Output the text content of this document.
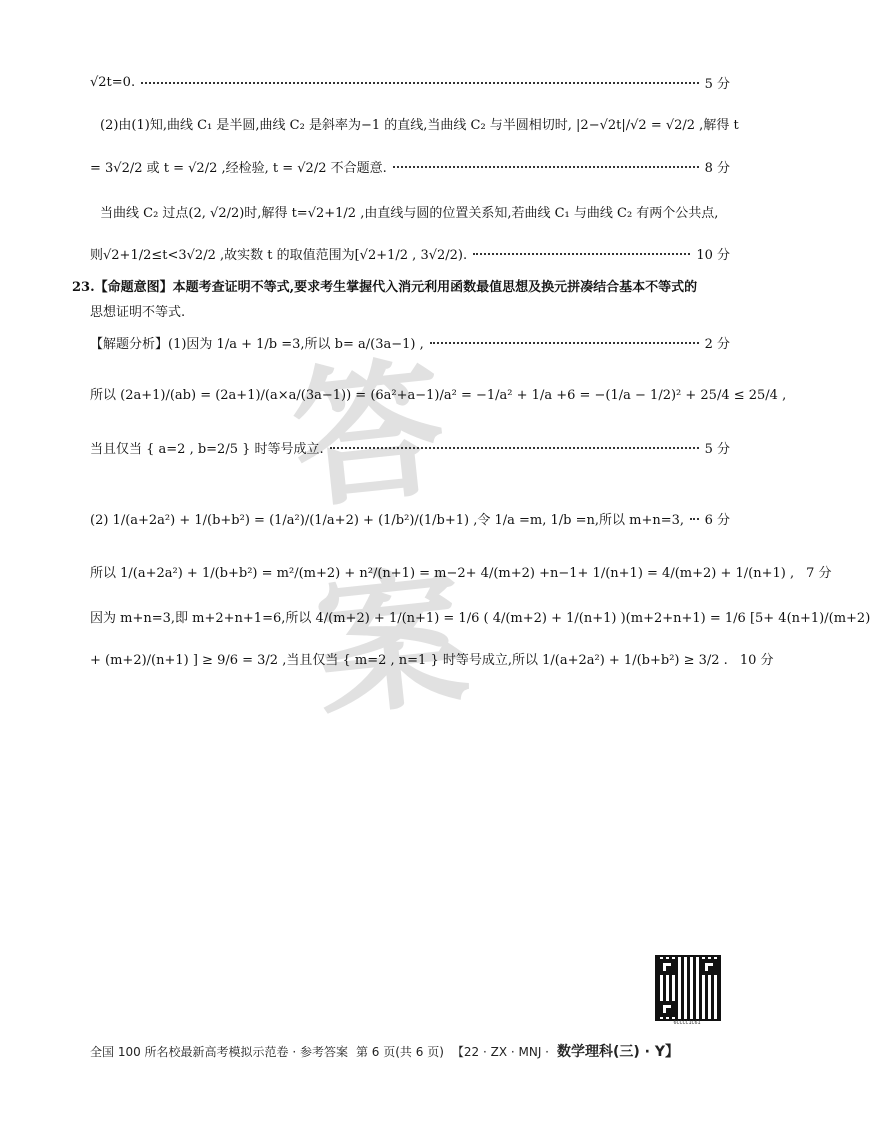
答
案
√2t=0.	5 分
(2)由(1)知,曲线 C₁ 是半圆,曲线 C₂ 是斜率为−1 的直线,当曲线 C₂ 与半圆相切时, |2−√2t|/√2 = √2/2 ,解得 t
= 3√2/2 或 t = √2/2 ,经检验, t = √2/2 不合题意.	8 分
当曲线 C₂ 过点(2, √2/2)时,解得 t=√2+1/2 ,由直线与圆的位置关系知,若曲线 C₁ 与曲线 C₂ 有两个公共点,
则√2+1/2≤t<3√2/2 ,故实数 t 的取值范围为[√2+1/2 , 3√2/2).	10 分
23.【命题意图】本题考查证明不等式,要求考生掌握代入消元利用函数最值思想及换元拼凑结合基本不等式的
思想证明不等式.
【解题分析】(1)因为 1/a + 1/b =3,所以 b= a/(3a−1) ,	2 分
所以 (2a+1)/(ab) = (2a+1)/(a×a/(3a−1)) = (6a²+a−1)/a² = −1/a² + 1/a +6 = −(1/a − 1/2)² + 25/4 ≤ 25/4 ,
当且仅当 { a=2 , b=2/5 } 时等号成立.	5 分
(2) 1/(a+2a²) + 1/(b+b²) = (1/a²)/(1/a+2) + (1/b²)/(1/b+1) ,令 1/a =m, 1/b =n,所以 m+n=3, 6 分
所以 1/(a+2a²) + 1/(b+b²) = m²/(m+2) + n²/(n+1) = m−2+ 4/(m+2) +n−1+ 1/(n+1) = 4/(m+2) + 1/(n+1) , 7 分
因为 m+n=3,即 m+2+n+1=6,所以 4/(m+2) + 1/(n+1) = 1/6 ( 4/(m+2) + 1/(n+1) )(m+2+n+1) = 1/6 [5+ 4(n+1)/(m+2)
+ (m+2)/(n+1) ] ≥ 9/6 = 3/2 ,当且仅当 { m=2 , n=1 } 时等号成立,所以 1/(a+2a²) + 1/(b+b²) ≥ 3/2 . 10 分
6CCCC1C61
全国 100 所名校最新高考模拟示范卷 · 参考答案 第 6 页(共 6 页) 【22 · ZX · MNJ · 数学理科(三) · Y】
